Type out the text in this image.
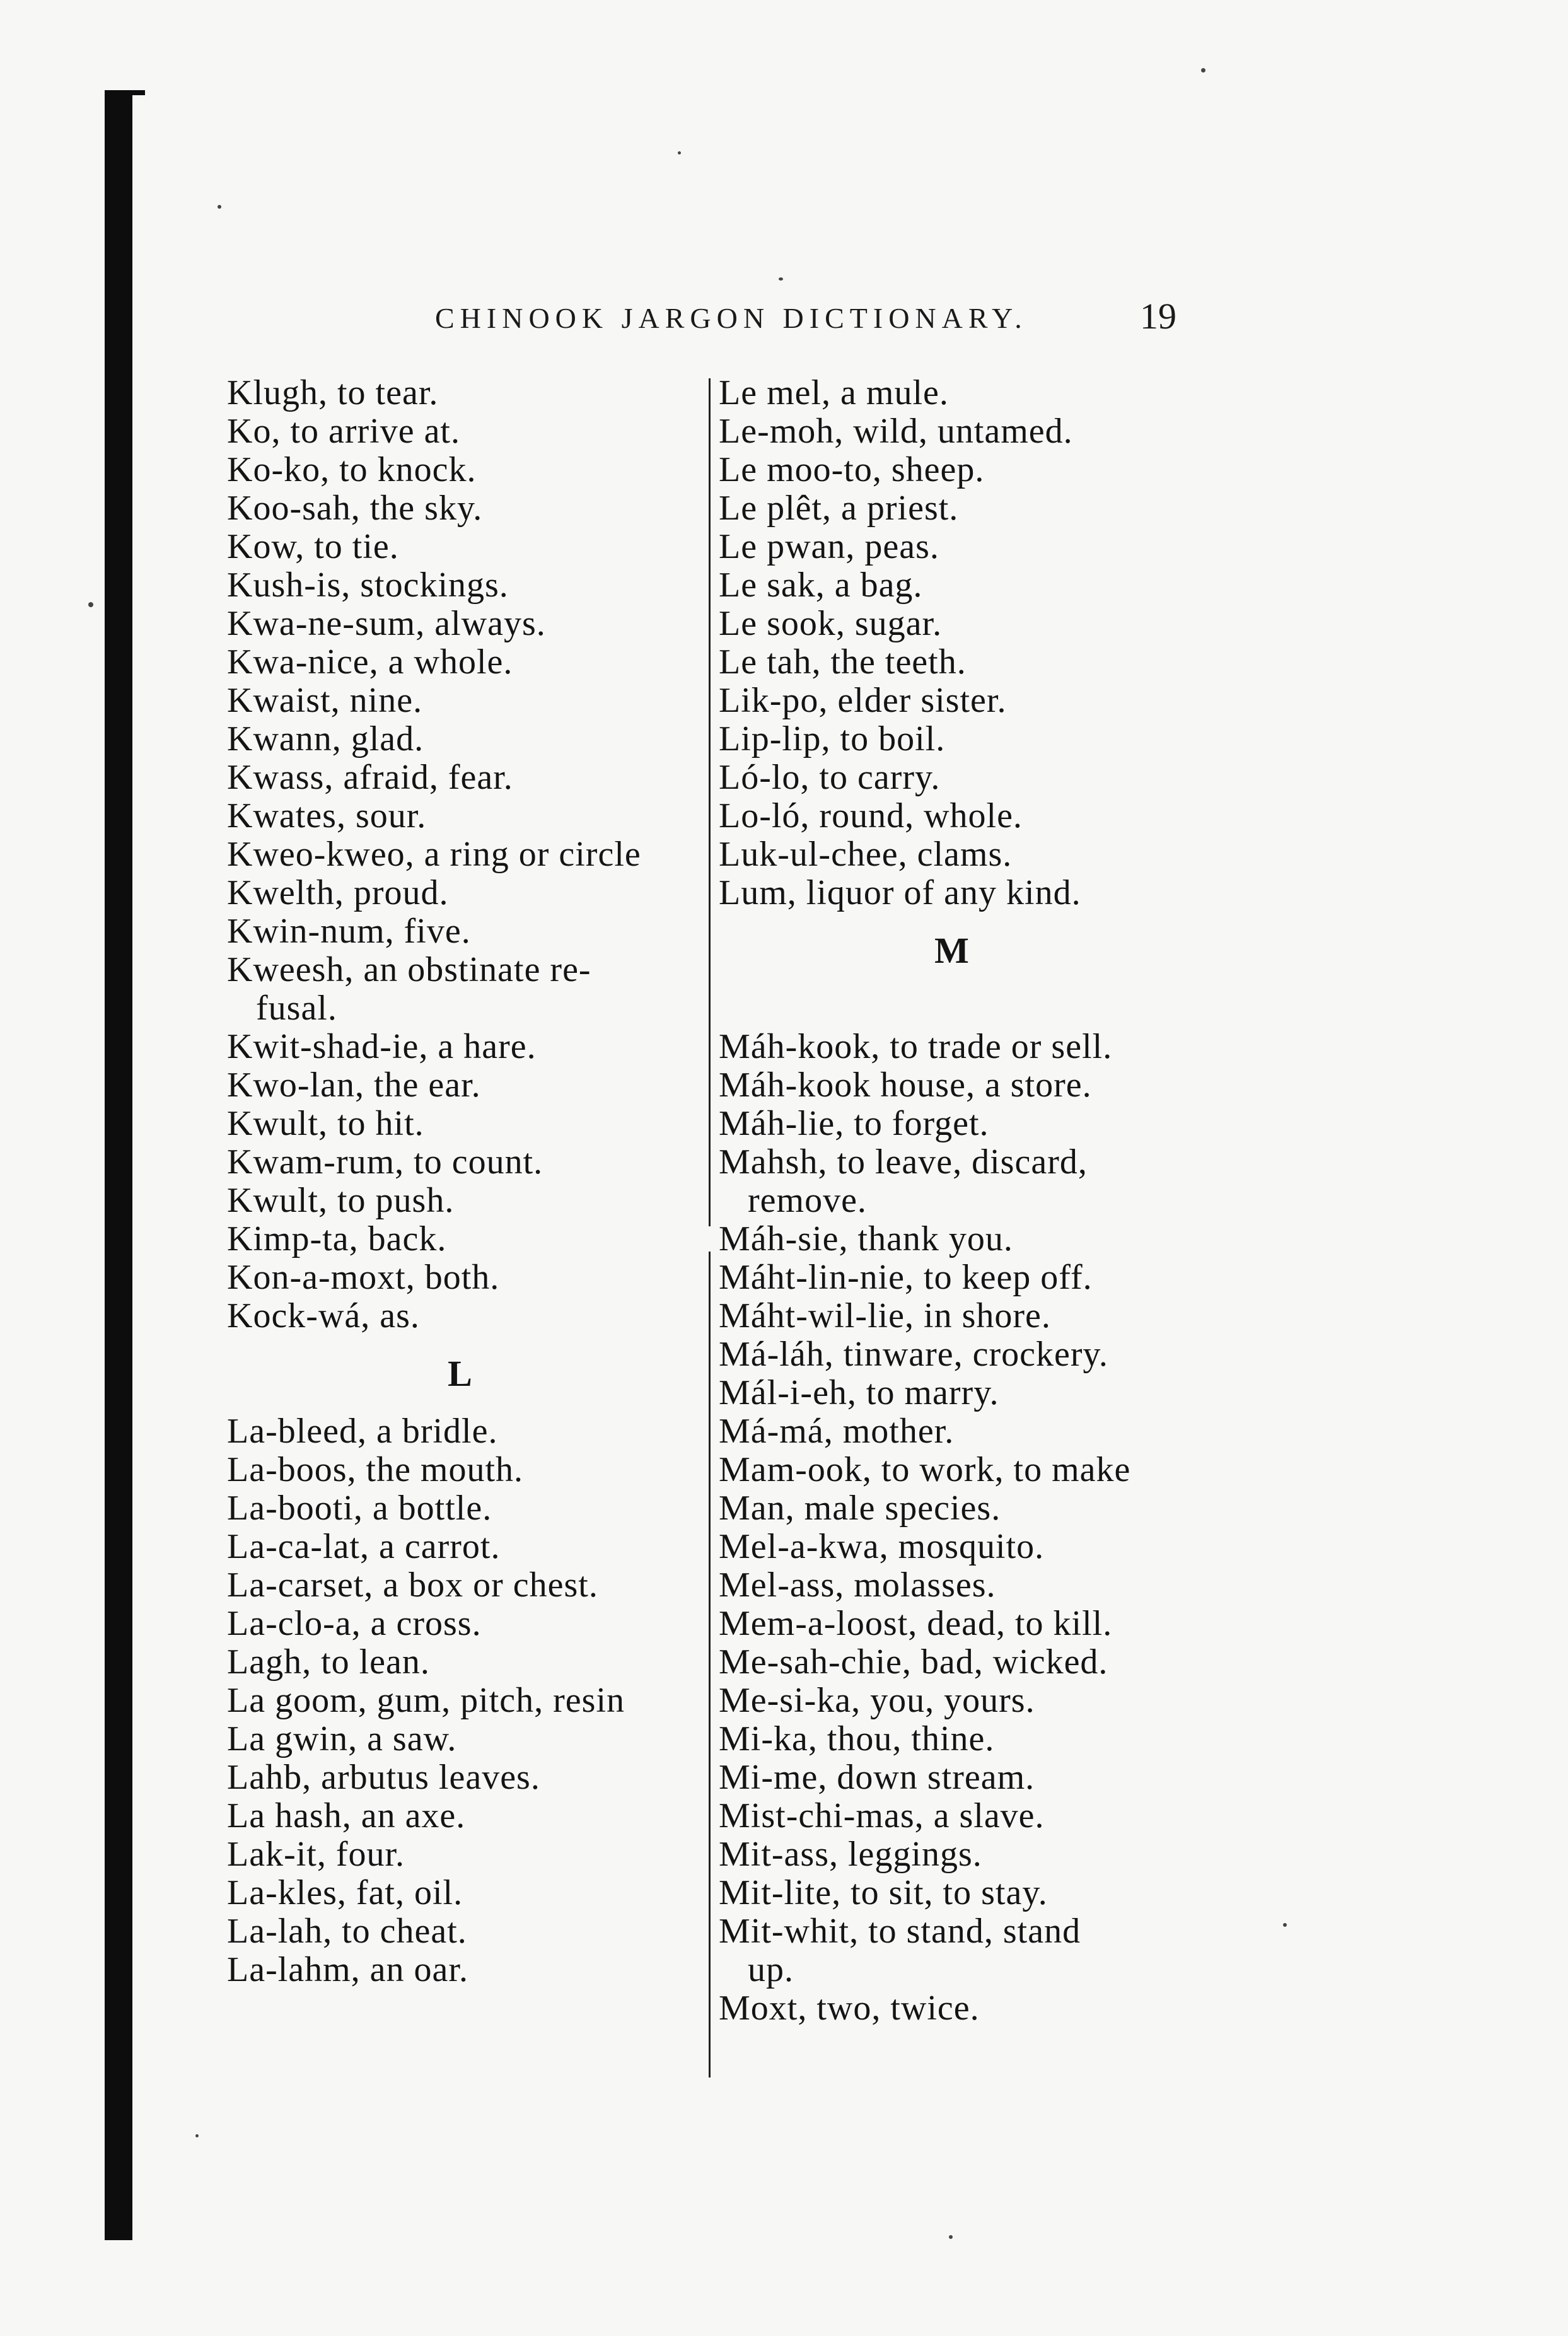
CHINOOK JARGON DICTIONARY.	19
Klugh, to tear.
Ko, to arrive at.
Ko-ko, to knock.
Koo-sah, the sky.
Kow, to tie.
Kush-is, stockings.
Kwa-ne-sum, always.
Kwa-nice, a whole.
Kwaist, nine.
Kwann, glad.
Kwass, afraid, fear.
Kwates, sour.
Kweo-kweo, a ring or circle
Kwelth, proud.
Kwin-num, five.
Kweesh, an obstinate re-
fusal.
Kwit-shad-ie, a hare.
Kwo-lan, the ear.
Kwult, to hit.
Kwam-rum, to count.
Kwult, to push.
Kimp-ta, back.
Kon-a-moxt, both.
Kock-wá, as.
L
La-bleed, a bridle.
La-boos, the mouth.
La-booti, a bottle.
La-ca-lat, a carrot.
La-carset, a box or chest.
La-clo-a, a cross.
Lagh, to lean.
La goom, gum, pitch, resin
La gwin, a saw.
Lahb, arbutus leaves.
La hash, an axe.
Lak-it, four.
La-kles, fat, oil.
La-lah, to cheat.
La-lahm, an oar.
Le mel, a mule.
Le-moh, wild, untamed.
Le moo-to, sheep.
Le plêt, a priest.
Le pwan, peas.
Le sak, a bag.
Le sook, sugar.
Le tah, the teeth.
Lik-po, elder sister.
Lip-lip, to boil.
Ló-lo, to carry.
Lo-ló, round, whole.
Luk-ul-chee, clams.
Lum, liquor of any kind.
M
Máh-kook, to trade or sell.
Máh-kook house, a store.
Máh-lie, to forget.
Mahsh, to leave, discard,
remove.
Máh-sie, thank you.
Máht-lin-nie, to keep off.
Máht-wil-lie, in shore.
Má-láh, tinware, crockery.
Mál-i-eh, to marry.
Má-má, mother.
Mam-ook, to work, to make
Man, male species.
Mel-a-kwa, mosquito.
Mel-ass, molasses.
Mem-a-loost, dead, to kill.
Me-sah-chie, bad, wicked.
Me-si-ka, you, yours.
Mi-ka, thou, thine.
Mi-me, down stream.
Mist-chi-mas, a slave.
Mit-ass, leggings.
Mit-lite, to sit, to stay.
Mit-whit, to stand, stand
up.
Moxt, two, twice.
